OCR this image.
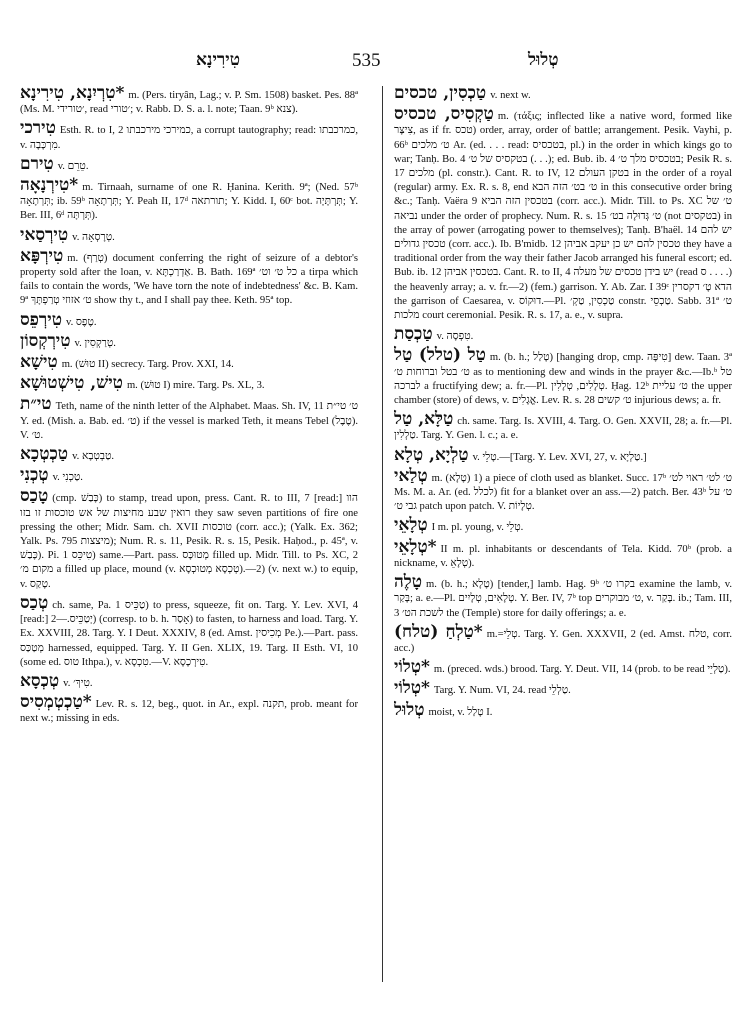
טִירִינָא	535	טְלוּל

*טִרְיִנָא, טִירִינָא m. (Pers. tiryân, Lag.; v. P. Sm. 1508) basket. Pes. 88ª (Ms. M. ׳טורידי, read ׳טורי; v. Rabb. D. S. a. l. note; Taan. 9ᵇ צנא).

טִירכי Esth. R. to I, 2 כמירכי מירכבתו, a corrupt tautography; read: כמרכבתו, v. מִרְכָּבָה.

טִירם v. טֵרֵם.

*טִירְנָאָה m. Tirnaah, surname of one R. Ḥanina. Kerith. 9ª; (Ned. 57ᵇ תְּרְתָאָה; ib. 59ᵇ תְּרְתָאָה; Y. Peah II, 17ᵈ תורתאה; Y. Kidd. I, 60ᶜ bot. תְּרְתָּיָה; Y. Ber. III, 6ᵈ תְּרְתָּה).

טִירְסַאי v. טְרָסְאָה.

טִירְפָּא m. (טְרַף) document conferring the right of seizure of a debtor's property sold after the loan, v. אַדְרַכְתָּא. B. Bath. 169ª כל ט׳ וט׳ a tirpa which fails to contain the words, 'We have torn the note of indebtedness' &c. B. Kam. 9ª ט׳ אזוזי טְרַפְתָּךְ show thy t., and I shall pay thee. Keth. 95ª top.

טִירְפֵס v. טֶפֶס.

טִירְקְסוֹן v. טְרַקְסִין.

טִישָׁא m. (טוּשׁ II) secrecy. Targ. Prov. XXI, 14.

טִישׁ, טִישְׁטוּשָׁא m. (טוּשׁ I) mire. Targ. Ps. XL, 3.

טי״ת Teth, name of the ninth letter of the Alphabet. Maas. Sh. IV, 11 ט׳ טי״ת Y. ed. (Mish. a. Bab. ed. ט׳) if the vessel is marked Teth, it means Tebel (טֶבֶל). V. ט׳.

טַכְטְכָא v. טַבְטְבָא.

טְכְנִי v. טַכְנִי.

טָכַס (cmp. כָּבַשׁ) to stamp, tread upon, press. Cant. R. to III, 7 [read:] הוו רואין שבע מחיצות של אש טוכסות זו בזו they saw seven partitions of fire one pressing the other; Midr. Sam. ch. XVII טוכסות (corr. acc.); (Yalk. Ex. 362; Yalk. Ps. 795 מיצצות); Num. R. s. 11, Pesik. R. s. 15, Pesik. Haḥod., p. 45ª, v. כָּבַשׁ). Pi. טִיכֵּס 1) same.—Part. pass. מְטוּכָּס filled up. Midr. Till. to Ps. XC, 2 מקום מ׳ a filled up place, mound (v. טְכְסָא מְטוּכְסָא).—2) (v. next w.) to equip, v. טָקַס.

טְכַס ch. same, Pa. טַכֵּיס 1) to press, squeeze, fit on. Targ. Y. Lev. XVI, 4 [read:] יְטַכֵּיס.—2) (corresp. to b. h. אָסַר) to fasten, to harness and load. Targ. Y. Ex. XXVIII, 28. Targ. Y. I Deut. XXXIV, 8 (ed. Amst. מְכִיסין Pe.).—Part. pass. מְטַכַּס harnessed, equipped. Targ. Y. II Gen. XLIX, 19. Targ. II Esth. VI, 10 (some ed. טוס Ithpa.), v. טִכְסָא.—V. טִירְכָסָא.

טְכְסָא v. טִיךְ׳.

*טַכְטְמְסִיס Lev. R. s. 12, beg., quot. in Ar., expl. תקנה, prob. meant for next w.; missing in eds.

טַכְסִין, טכסים v. next w.

טַקְסִיס, טכסיס m. (τάξις; inflected like a native word, formed like צִיצָּר, as if fr. טכס) order, array, order of battle; arrangement. Pesik. Vayhi, p. 66ᵇ ט׳ מלכים Ar. (ed. . . . read: בטכסיס, pl.) in the order in which kings go to war; Tanḥ. Bo. 4 בטקסיס של ט׳ (. . .); ed. Bub. ib. 4 בטכסיס מלך ט׳; Pesik R. s. 17 מלכים (pl. constr.). Cant. R. to IV, 12 בטקן העולם in the order of a royal (regular) army. Ex. R. s. 8, end ט׳ בט׳ הזה הבא in this consecutive order bring &c.; Tanḥ. Vaëra 9 בטכסין הזה הביא (corr. acc.). Midr. Till. to Ps. XC ט׳ של נביאה under the order of prophecy. Num. R. s. 15 ט׳ גְּדוּלָה בט׳ (not בטקסים) in the array of power (arrogating power to themselves); Tanḥ. B'haël. 14 יש להם טכסין גדולים (corr. acc.). Ib. B'midb. 12 טכסין להם יש כן יעקב אביהן they have a traditional order from the way their father Jacob arranged his funeral escort; ed. Bub. ib. 12 בטכסין אביהן. Cant. R. to II, 4 יש בידן טכסים של מעלה (read ס . . . .) the heavenly array; a. v. fr.—2) (fem.) garrison. Y. Ab. Zar. I 39ᶜ הדא טָ׳ דקסרין the garrison of Caesarea, v. דוּקוֹס.—Pl. טַכְסִין, טַקְ׳ constr. טַכְסֵי. Sabb. 31ª ט׳ מלכות court ceremonial. Pesik. R. s. 17, a. e., v. supra.

טַכְסַת v. טִפְסָה.

טַל (טלל) טַל m. (b. h.; טָלַל) [hanging drop, cmp. טִיפָּה] dew. Taan. 3ª ט׳ בטל וברוחות ט׳ as to mentioning dew and winds in the prayer &c.—Ib.ᵇ טל לברכה a fructifying dew; a. fr.—Pl. טְלָלִים, טְלָלִין. Ḥag. 12ᵇ ט׳ עליית the upper chamber (store) of dews, v. אֱגָלִים. Lev. R. s. 28 ט׳ קשים injurious dews; a. fr.

טַלָּא, טַל ch. same. Targ. Is. XVIII, 4. Targ. O. Gen. XXVII, 28; a. fr.—Pl. טַלְלִין. Targ. Y. Gen. l. c.; a. e.

טַלְיָא, טְלָא v. טָלֵי.—[Targ. Y. Lev. XVI, 27, v. טַלְיָא.]

טְלַאי m. (טָלָא) 1) a piece of cloth used as blanket. Succ. 17ᵇ ט׳ לט׳ ראוי לט׳ Ms. M. a. Ar. (ed. לכלל) fit for a blanket over an ass.—2) patch. Ber. 43ᵇ ט׳ על גבי ט׳ patch upon patch. V. טְלָיוֹת.

טְלָאֵי I m. pl. young, v. טְלֵי.

*טְלָאֵי II m. pl. inhabitants or descendants of Tela. Kidd. 70ᵇ (prob. a nickname, v. טְלָאֵ).

טָלֶה m. (b. h.; טָלָא) [tender,] lamb. Hag. 9ᵇ בקרו ט׳ examine the lamb, v. בָּקַר; a. e.—Pl. טְלָאִים, טְלָיִים. Y. Ber. IV, 7ᵇ top ט׳ מבוקרים, v. בָּקַר. ib.; Tam. III, 3 לשכת הט׳ the (Temple) store for daily offerings; a. e.

*טַלְחַ (טלח) m.=טְלֵי. Targ. Y. Gen. XXXVII, 2 (ed. Amst. טלח, corr. acc.)

*טְלוֹי m. (preced. wds.) brood. Targ. Y. Deut. VII, 14 (prob. to be read טַלְיֵי).

*טְלוֹי Targ. Y. Num. VI, 24. read טַלְלֵי.

טְלוּל moist, v. טָלַל I.
